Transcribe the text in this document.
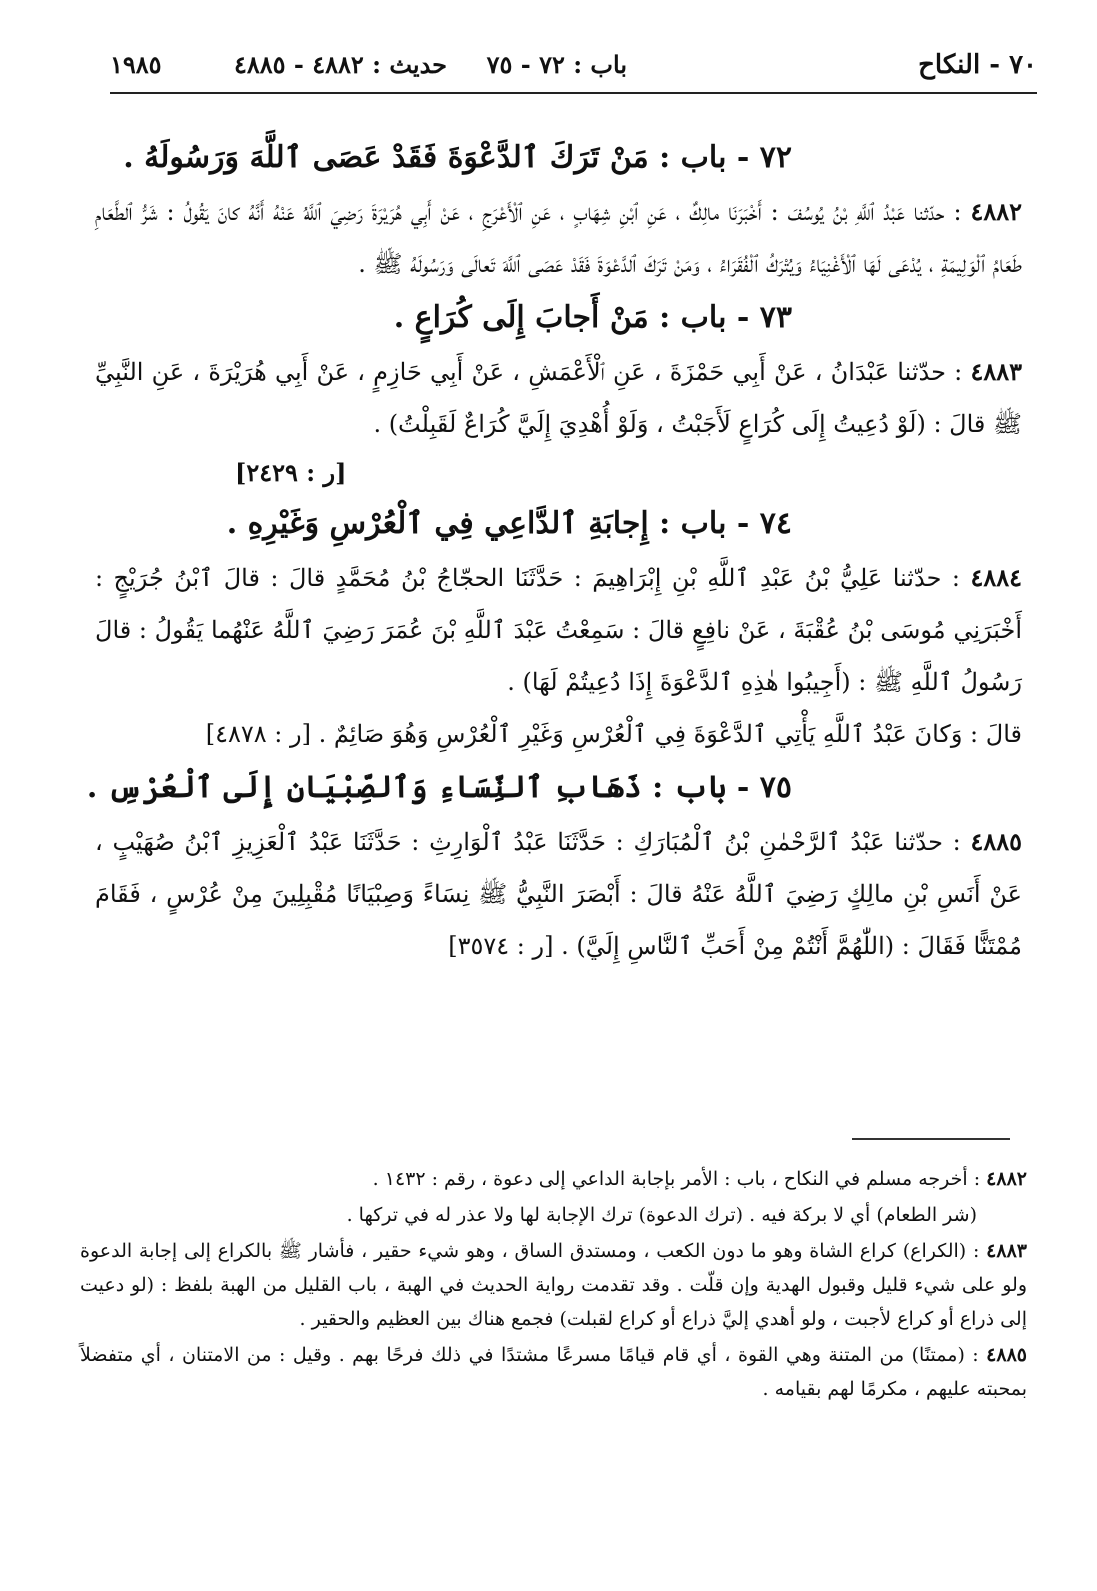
٧٠ - النكاح
باب : ٧٢ - ٧٥
حديث : ٤٨٨٢ - ٤٨٨٥
١٩٨٥
٧٢ - باب : مَنْ تَرَكَ ٱلدَّعْوَةَ فَقَدْ عَصَى ٱللَّهَ وَرَسُولَهُ .

٤٨٨٢ : حدّثنا عَبْدُ ٱللَّهِ بْنُ يُوسُفَ : أَخْبَرَنَا مالِكٌ ، عَنِ ٱبْنِ شِهَابٍ ، عَنِ ٱلْأَعْرَجِ ، عَنْ أَبِي هُرَيْرَةَ رَضِيَ ٱللَّهُ عَنْهُ أَنَّهُ كانَ يَقُولُ : شَرُّ ٱلطَّعَامِ طَعَامُ ٱلْوَلِيمَةِ ، يُدْعَى لَهَا ٱلْأَغْنِيَاءُ وَيُتْرَكُ ٱلْفُقَرَاءُ ، وَمَنْ تَرَكَ ٱلدَّعْوَةَ فَقَدْ عَصَى ٱللَّهَ تَعالَى وَرَسُولَهُ ﷺ .

٧٣ - باب : مَنْ أَجابَ إِلَى كُرَاعٍ .

٤٨٨٣ : حدّثنا عَبْدَانُ ، عَنْ أَبِي حَمْزَةَ ، عَنِ ٱلْأَعْمَشِ ، عَنْ أَبِي حَازِمٍ ، عَنْ أَبِي هُرَيْرَةَ ، عَنِ النَّبِيِّ ﷺ قالَ : (لَوْ دُعِيتُ إِلَى كُرَاعٍ لَأَجَبْتُ ، وَلَوْ أُهْدِيَ إِلَيَّ كُرَاعٌ لَقَبِلْتُ) .

[ر : ٢٤٢٩]
٧٤ - باب : إِجابَةِ ٱلدَّاعِي فِي ٱلْعُرْسِ وَغَيْرِهِ .

٤٨٨٤ : حدّثنا عَلِيُّ بْنُ عَبْدِ ٱللَّهِ بْنِ إِبْرَاهِيمَ : حَدَّثَنَا الحجّاجُ بْنُ مُحَمَّدٍ قالَ : قالَ ٱبْنُ جُرَيْجٍ : أَخْبَرَنِي مُوسَى بْنُ عُقْبَةَ ، عَنْ نافِعٍ قالَ : سَمِعْتُ عَبْدَ ٱللَّهِ بْنَ عُمَرَ رَضِيَ ٱللَّهُ عَنْهُما يَقُولُ : قالَ رَسُولُ ٱللَّهِ ﷺ : (أَجِيبُوا هٰذِهِ ٱلدَّعْوَةَ إِذَا دُعِيتُمْ لَهَا) .

قالَ : وَكانَ عَبْدُ ٱللَّهِ يَأْتِي ٱلدَّعْوَةَ فِي ٱلْعُرْسِ وَغَيْرِ ٱلْعُرْسِ وَهُوَ صَائِمٌ . [ر : ٤٨٧٨]

٧٥ - باب : ذَهَابِ ٱلنِّسَاءِ وَٱلصِّبْيَانِ إِلَى ٱلْعُرْسِ .

٤٨٨٥ : حدّثنا عَبْدُ ٱلرَّحْمٰنِ بْنُ ٱلْمُبَارَكِ : حَدَّثَنَا عَبْدُ ٱلْوَارِثِ : حَدَّثَنَا عَبْدُ ٱلْعَزِيزِ ٱبْنُ صُهَيْبٍ ، عَنْ أَنَسِ بْنِ مالِكٍ رَضِيَ ٱللَّهُ عَنْهُ قالَ : أَبْصَرَ النَّبِيُّ ﷺ نِسَاءً وَصِبْيَانًا مُقْبِلِينَ مِنْ عُرْسٍ ، فَقَامَ مُمْتَنًّا فَقَالَ : (اللّٰهُمَّ أَنْتُمْ مِنْ أَحَبِّ ٱلنَّاسِ إِلَيَّ) . [ر : ٣٥٧٤]

٤٨٨٢ : أخرجه مسلم في النكاح ، باب : الأمر بإجابة الداعي إلى دعوة ، رقم : ١٤٣٢ .

(شر الطعام) أي لا بركة فيه . (ترك الدعوة) ترك الإجابة لها ولا عذر له في تركها .

٤٨٨٣ : (الكراع) كراع الشاة وهو ما دون الكعب ، ومستدق الساق ، وهو شيء حقير ، فأشار ﷺ بالكراع إلى إجابة الدعوة ولو على شيء قليل وقبول الهدية وإن قلّت . وقد تقدمت رواية الحديث في الهبة ، باب القليل من الهبة بلفظ : (لو دعيت إلى ذراع أو كراع لأجبت ، ولو أهدي إليَّ ذراع أو كراع لقبلت) فجمع هناك بين العظيم والحقير .

٤٨٨٥ : (ممتنًا) من المتنة وهي القوة ، أي قام قيامًا مسرعًا مشتدًا في ذلك فرحًا بهم . وقيل : من الامتنان ، أي متفضلاً بمحبته عليهم ، مكرمًا لهم بقيامه .
